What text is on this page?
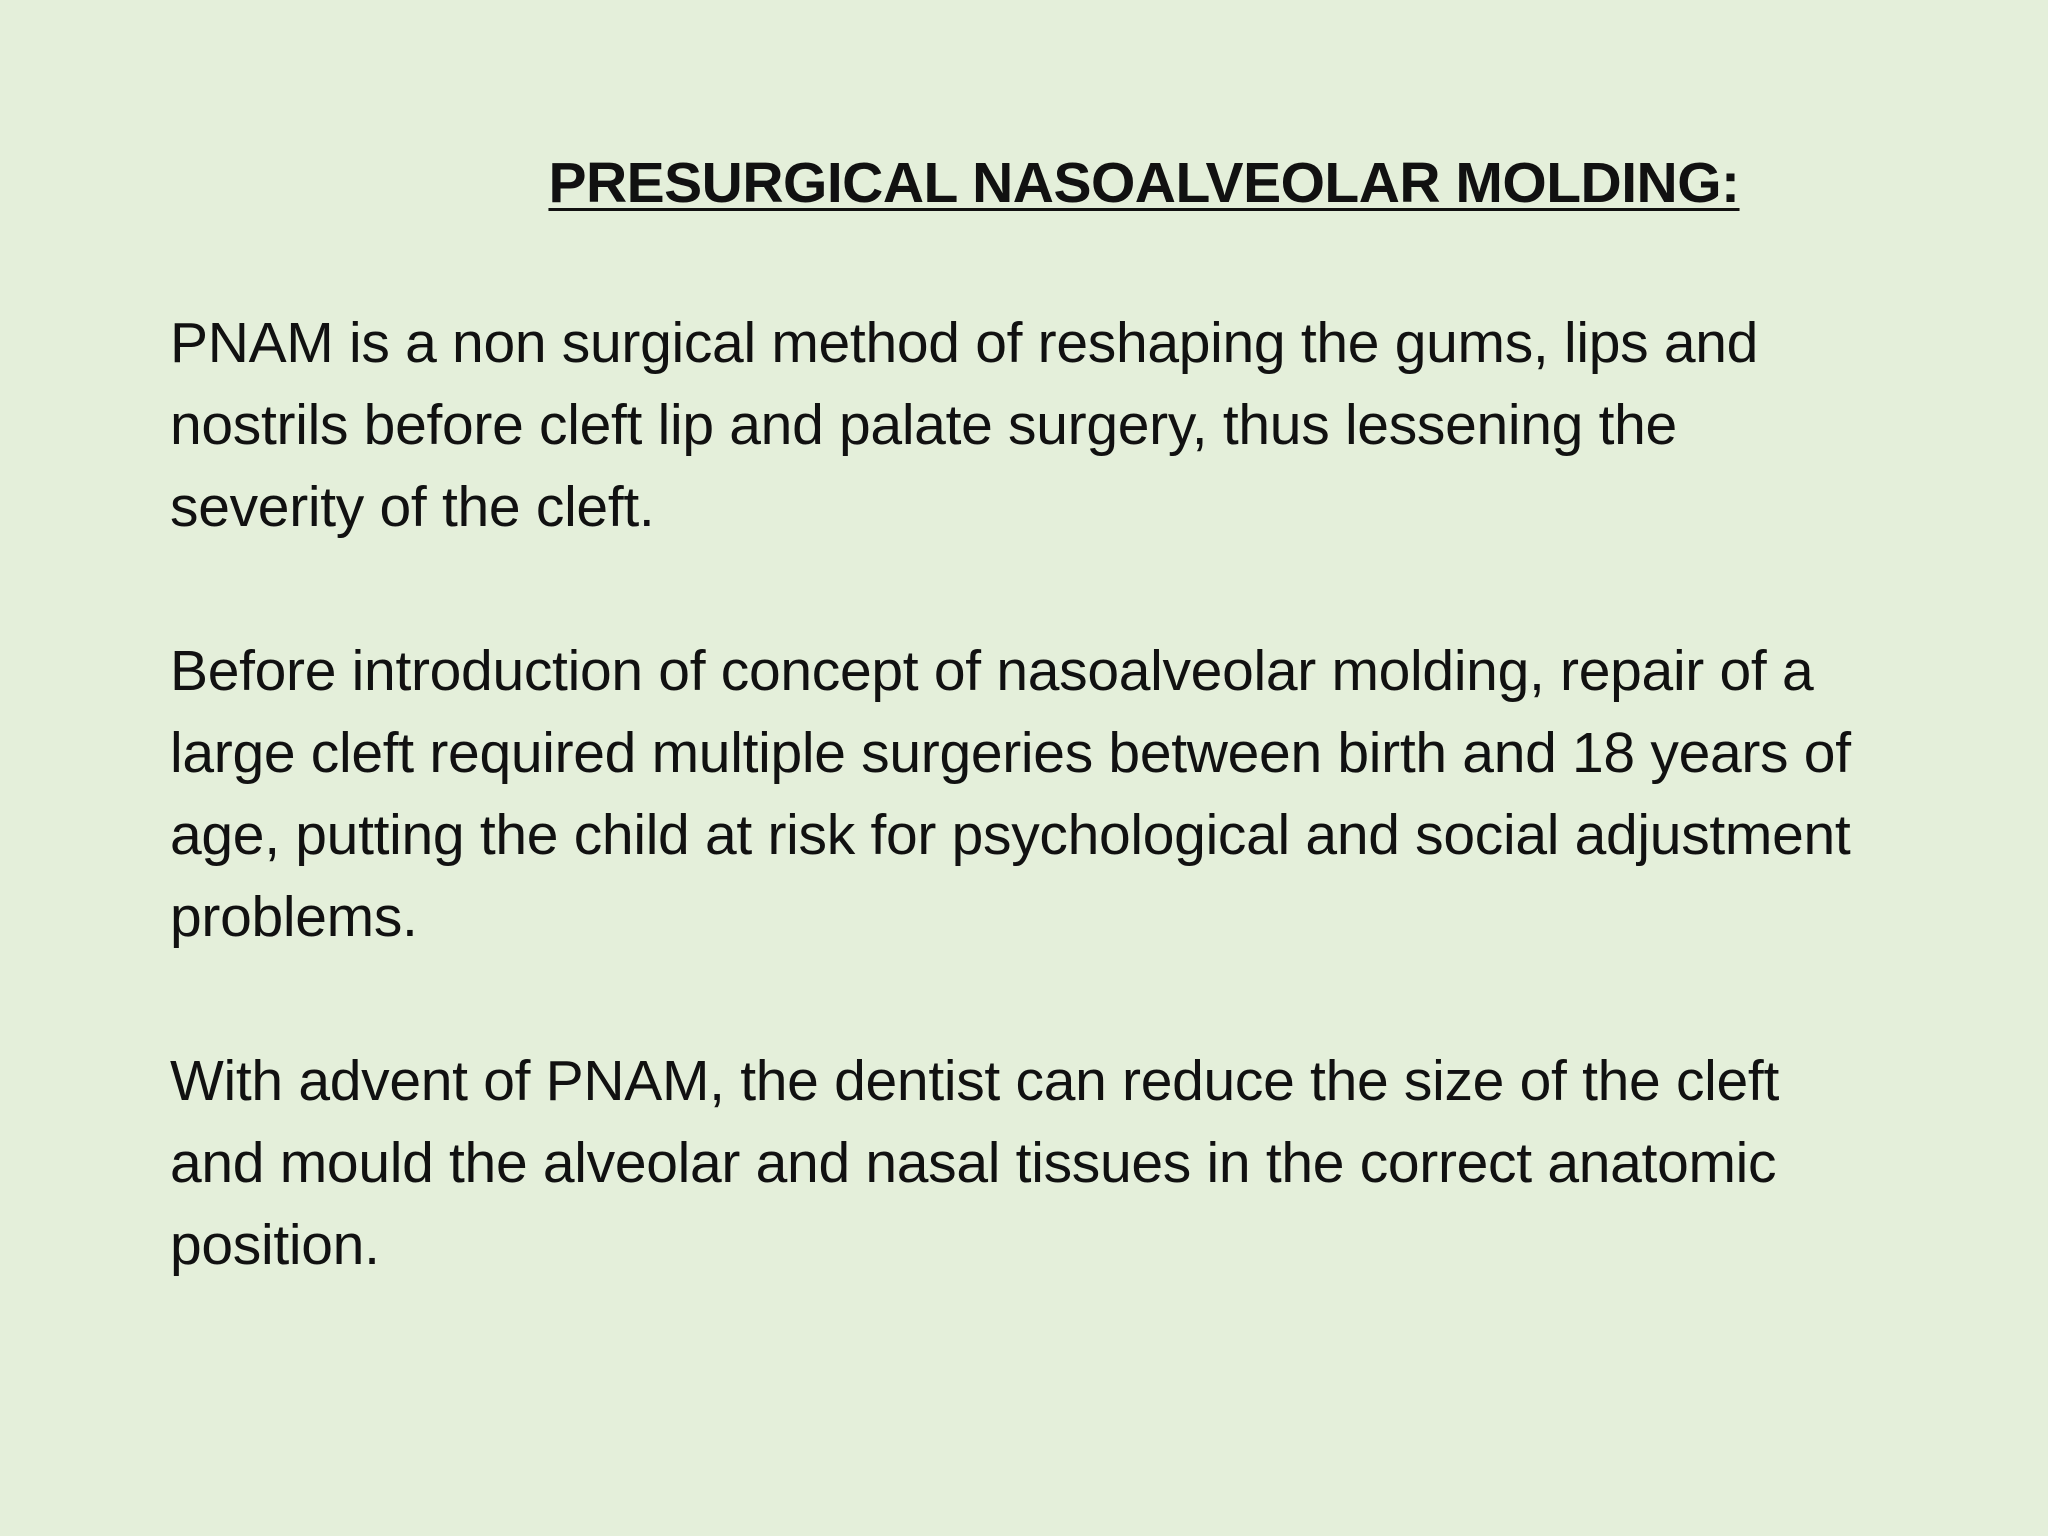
PRESURGICAL NASOALVEOLAR MOLDING:

PNAM is a non surgical method of reshaping the gums, lips and nostrils before cleft lip and palate surgery, thus lessening the severity of the cleft.

Before introduction of concept of nasoalveolar molding, repair of a large cleft required multiple surgeries between birth and 18 years of age, putting the child at risk for psychological and social adjustment problems.

With advent of PNAM, the dentist can reduce the size of the cleft and mould the alveolar and nasal tissues in the correct anatomic position.
